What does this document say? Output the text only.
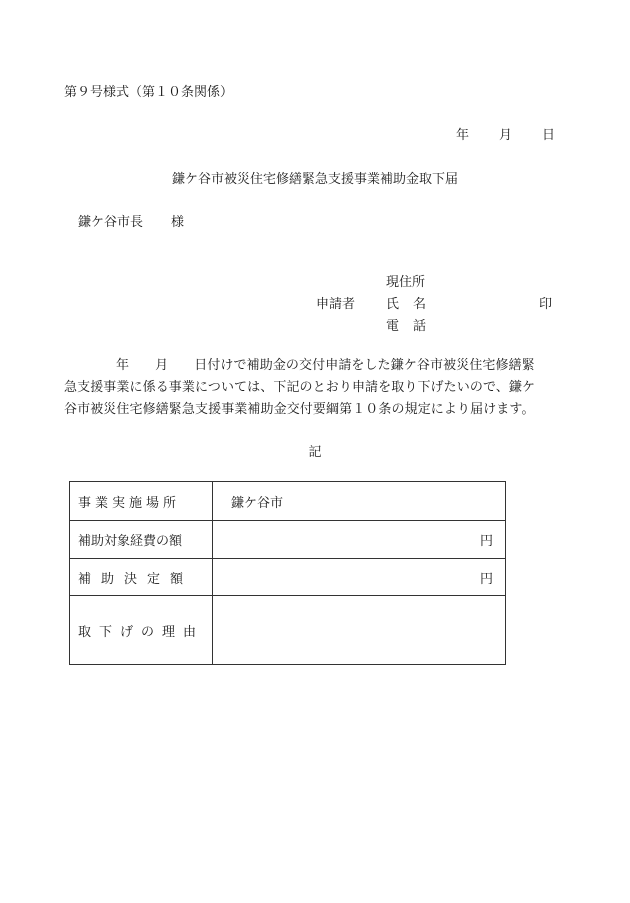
第９号様式（第１０条関係）
年 月 日
鎌ケ谷市被災住宅修繕緊急支援事業補助金取下届
鎌ケ谷市長 様
現住所
申請者 氏 名	印
電 話
年 月 日付けで補助金の交付申請をした鎌ケ谷市被災住宅修繕緊
急支援事業に係る事業については、下記のとおり申請を取り下げたいので、鎌ケ
谷市被災住宅修繕緊急支援事業補助金交付要綱第１０条の規定により届けます。
記
事業実施場所	鎌ケ谷市
補助対象経費の額	円
補助決定額	円
取下げの理由	
